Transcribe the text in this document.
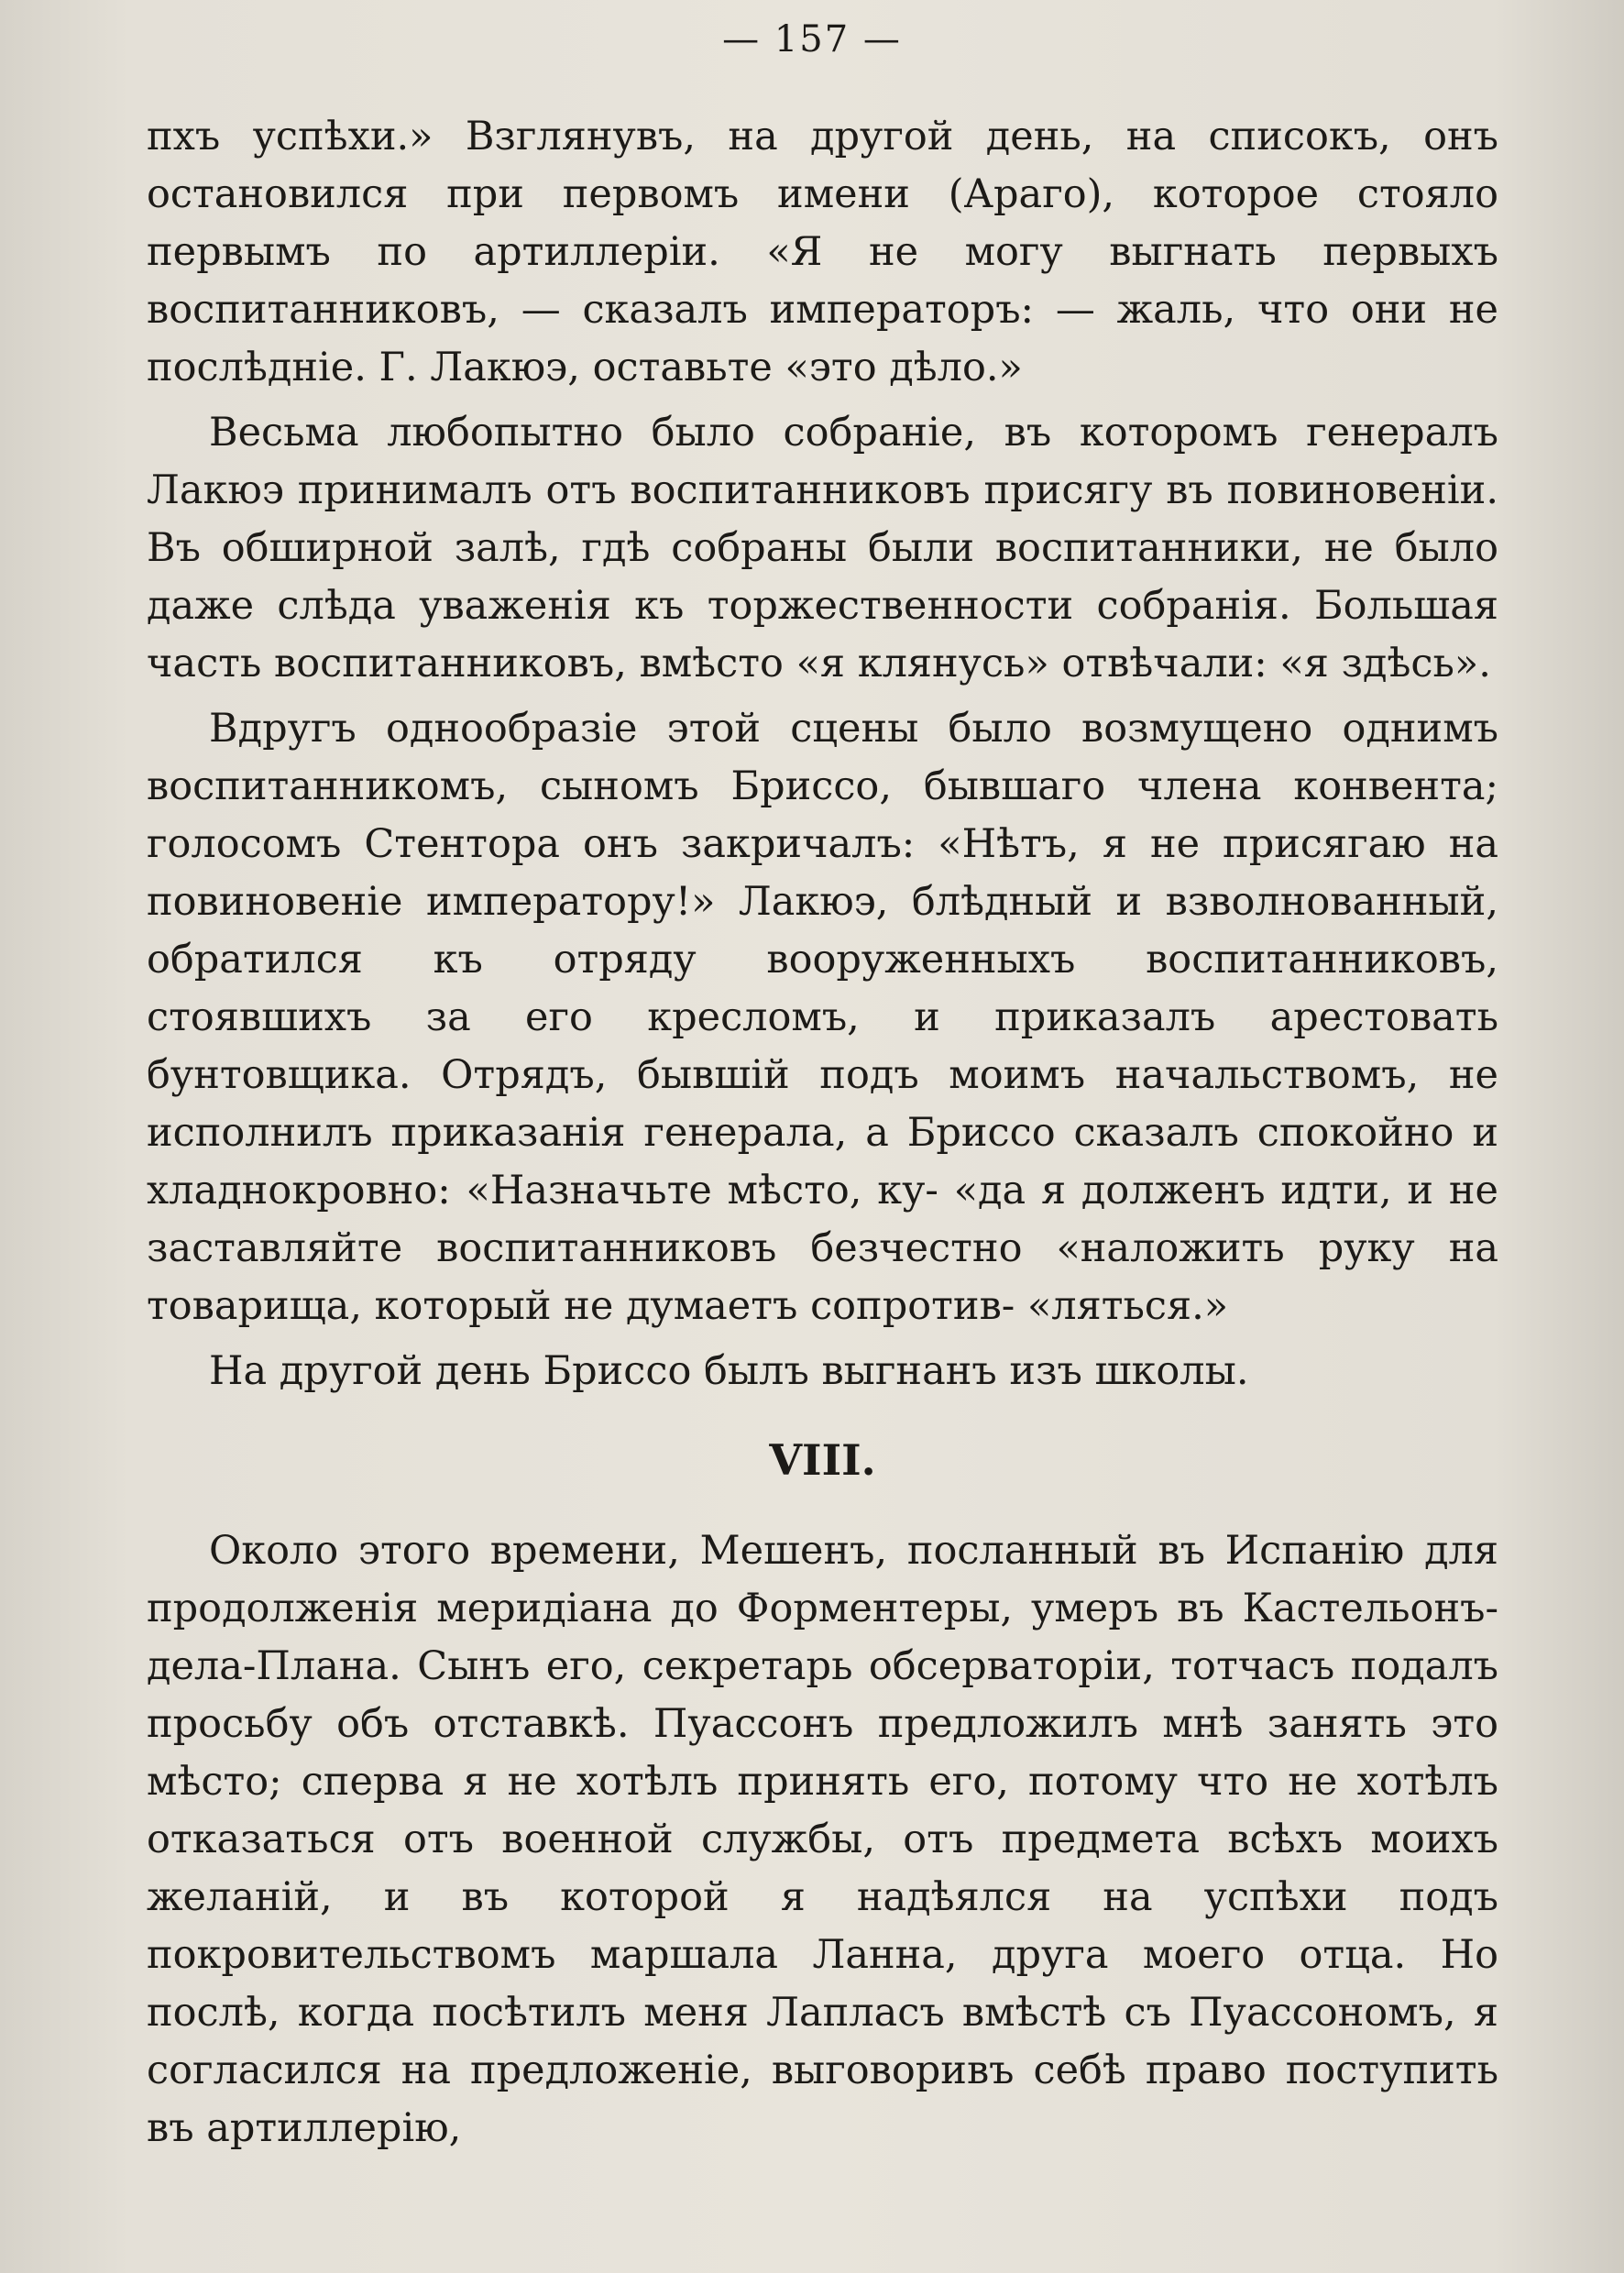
— 157 —

пхъ успѣхи.» Взглянувъ, на другой день, на списокъ, онъ остановился при первомъ имени (Араго), которое стояло первымъ по артиллеріи. «Я не могу выгнать первыхъ воспитанниковъ, — сказалъ императоръ: — жаль, что они не послѣдніе. Г. Лакюэ, оставьте «это дѣло.»

Весьма любопытно было собраніе, въ которомъ генералъ Лакюэ принималъ отъ воспитанниковъ присягу въ повиновеніи. Въ обширной залѣ, гдѣ собраны были воспитанники, не было даже слѣда уваженія къ торжественности собранія. Большая часть воспитанниковъ, вмѣсто «я клянусь» отвѣчали: «я здѣсь».

Вдругъ однообразіе этой сцены было возмущено однимъ воспитанникомъ, сыномъ Бриссо, бывшаго члена конвента; голосомъ Стентора онъ закричалъ: «Нѣтъ, я не присягаю на повиновеніе императору!» Лакюэ, блѣдный и взволнованный, обратился къ отряду вооруженныхъ воспитанниковъ, стоявшихъ за его кресломъ, и приказалъ арестовать бунтовщика. Отрядъ, бывшій подъ моимъ начальствомъ, не исполнилъ приказанія генерала, а Бриссо сказалъ спокойно и хладнокровно: «Назначьте мѣсто, ку- «да я долженъ идти, и не заставляйте воспитанниковъ безчестно «наложить руку на товарища, который не думаетъ сопротив- «ляться.»

На другой день Бриссо былъ выгнанъ изъ школы.

VIII.

Около этого времени, Мешенъ, посланный въ Испанію для продолженія меридіана до Форментеры, умеръ въ Кастельонъ-дела-Плана. Сынъ его, секретарь обсерваторіи, тотчасъ подалъ просьбу объ отставкѣ. Пуассонъ предложилъ мнѣ занять это мѣсто; сперва я не хотѣлъ принять его, потому что не хотѣлъ отказаться отъ военной службы, отъ предмета всѣхъ моихъ желаній, и въ которой я надѣялся на успѣхи подъ покровительствомъ маршала Ланна, друга моего отца. Но послѣ, когда посѣтилъ меня Лапласъ вмѣстѣ съ Пуассономъ, я согласился на предложеніе, выговоривъ себѣ право поступить въ артиллерію,
